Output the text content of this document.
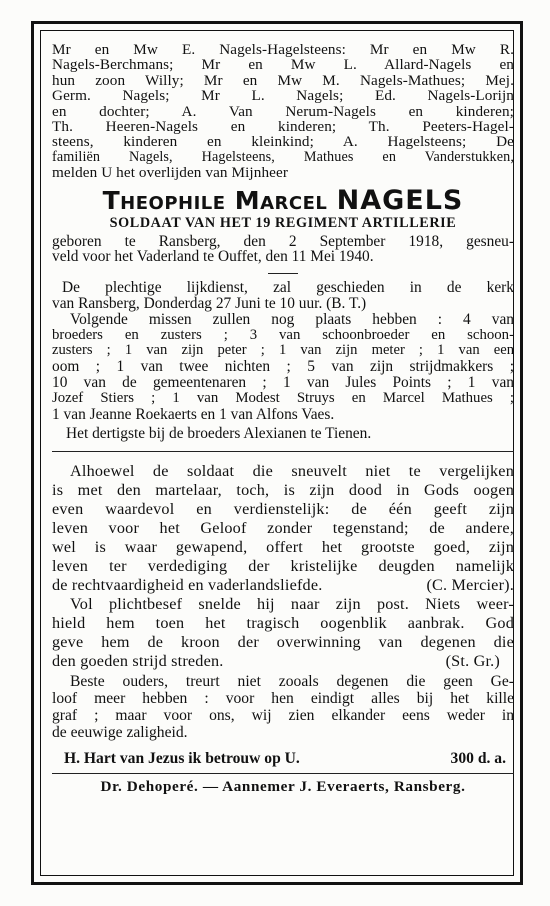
Mr en Mw E. Nagels-Hagelsteens: Mr en Mw R.
Nagels-Berchmans; Mr en Mw L. Allard-Nagels en
hun zoon Willy; Mr en Mw M. Nagels-Mathues; Mej.
Germ. Nagels; Mr L. Nagels; Ed. Nagels-Lorijn
en dochter; A. Van Nerum-Nagels en kinderen;
Th. Heeren-Nagels en kinderen; Th. Peeters-Hagel-
steens, kinderen en kleinkind; A. Hagelsteens; De
familiën Nagels, Hagelsteens, Mathues en Vanderstukken,
melden U het overlijden van Mijnheer
Theophile Marcel NAGELS
SOLDAAT VAN HET 19 REGIMENT ARTILLERIE
geboren te Ransberg, den 2 September 1918, gesneu-
veld voor het Vaderland te Ouffet, den 11 Mei 1940.
De plechtige lijkdienst, zal geschieden in de kerk
van Ransberg, Donderdag 27 Juni te 10 uur. (B. T.)
Volgende missen zullen nog plaats hebben : 4 van
broeders en zusters ; 3 van schoonbroeder en schoon-
zusters ; 1 van zijn peter ; 1 van zijn meter ; 1 van een
oom ; 1 van twee nichten ; 5 van zijn strijdmakkers ;
10 van de gemeentenaren ; 1 van Jules Points ; 1 van
Jozef Stiers ; 1 van Modest Struys en Marcel Mathues ;
1 van Jeanne Roekaerts en 1 van Alfons Vaes.
Het dertigste bij de broeders Alexianen te Tienen.
Alhoewel de soldaat die sneuvelt niet te vergelijken
is met den martelaar, toch, is zijn dood in Gods oogen
even waardevol en verdienstelijk: de één geeft zijn
leven voor het Geloof zonder tegenstand; de andere,
wel is waar gewapend, offert het grootste goed, zijn
leven ter verdediging der kristelijke deugden namelijk
de rechtvaardigheid en vaderlandsliefde.	(C. Mercier).
Vol plichtbesef snelde hij naar zijn post. Niets weer-
hield hem toen het tragisch oogenblik aanbrak. God
geve hem de kroon der overwinning van degenen die
den goeden strijd streden.	(St. Gr.)
Beste ouders, treurt niet zooals degenen die geen Ge-
loof meer hebben : voor hen eindigt alles bij het kille
graf ; maar voor ons, wij zien elkander eens weder in
de eeuwige zaligheid.
H. Hart van Jezus ik betrouw op U.	300 d. a.
Dr. Dehoperé. — Aannemer J. Everaerts, Ransberg.
